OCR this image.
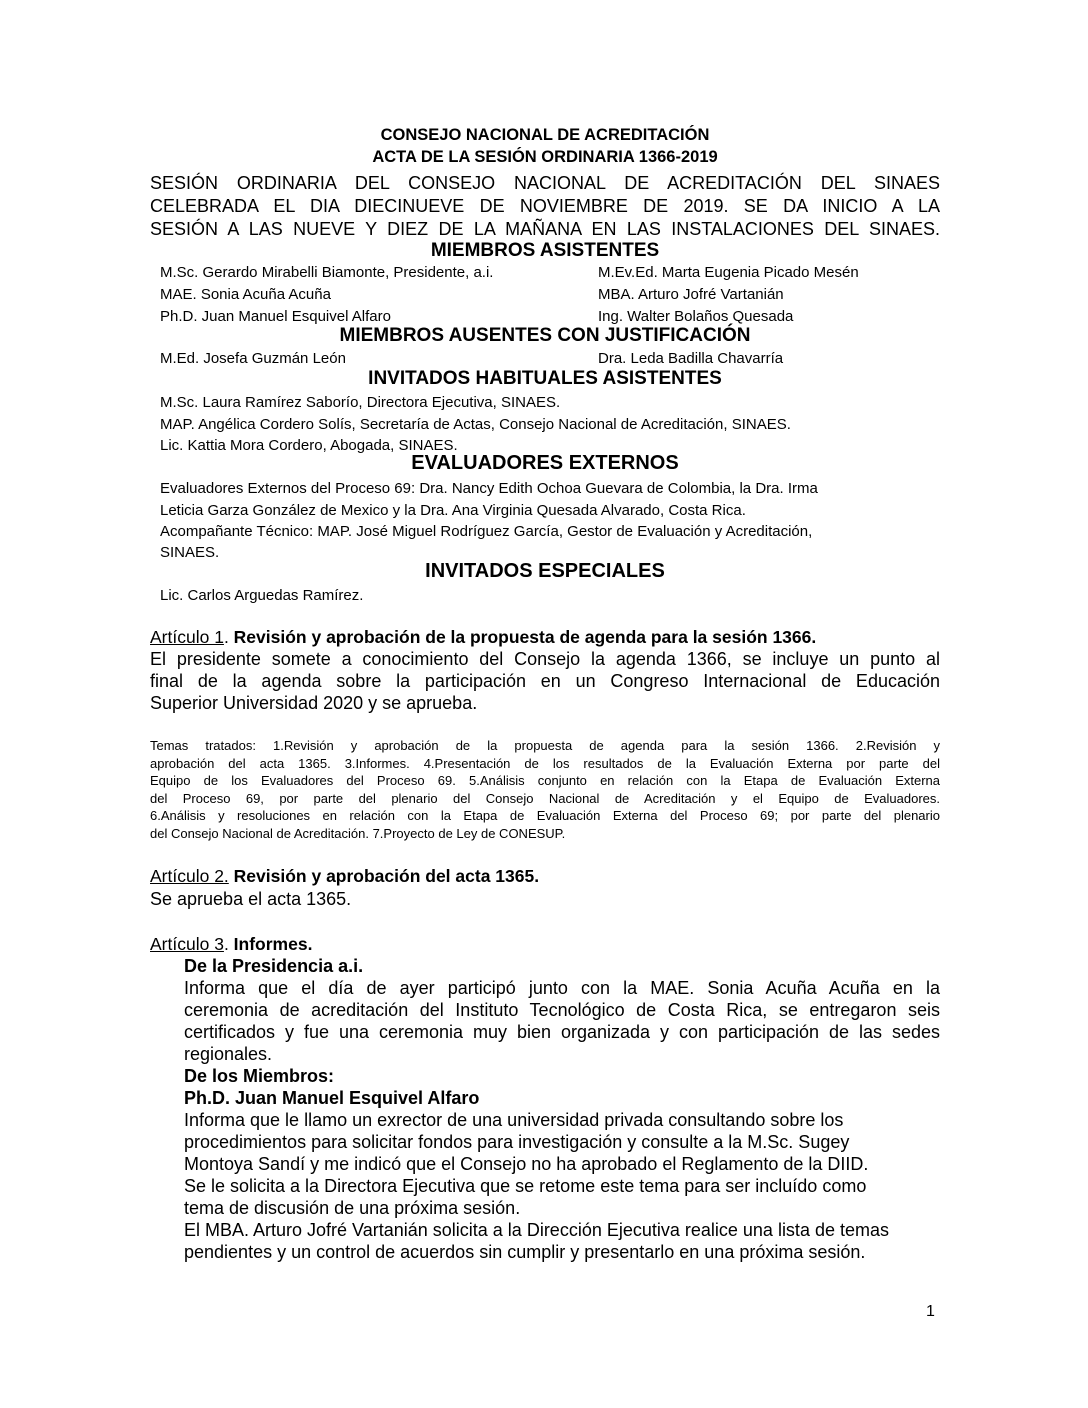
CONSEJO NACIONAL DE ACREDITACIÓN
ACTA DE LA SESIÓN ORDINARIA 1366-2019
SESIÓN ORDINARIA DEL CONSEJO NACIONAL DE ACREDITACIÓN DEL SINAES
CELEBRADA EL DIA DIECINUEVE DE NOVIEMBRE DE 2019. SE DA INICIO A LA
SESIÓN A LAS NUEVE Y DIEZ DE LA MAÑANA EN LAS INSTALACIONES DEL SINAES.
MIEMBROS ASISTENTES
M.Sc. Gerardo Mirabelli Biamonte, Presidente, a.i.	M.Ev.Ed. Marta Eugenia Picado Mesén
MAE. Sonia Acuña Acuña	MBA. Arturo Jofré Vartanián
Ph.D. Juan Manuel Esquivel Alfaro	Ing. Walter Bolaños Quesada
MIEMBROS AUSENTES CON JUSTIFICACIÓN
M.Ed. Josefa Guzmán León	Dra. Leda Badilla Chavarría
INVITADOS HABITUALES ASISTENTES
M.Sc. Laura Ramírez Saborío, Directora Ejecutiva, SINAES.
MAP. Angélica Cordero Solís, Secretaría de Actas, Consejo Nacional de Acreditación, SINAES.
Lic. Kattia Mora Cordero, Abogada, SINAES.
EVALUADORES EXTERNOS
Evaluadores Externos del Proceso 69: Dra. Nancy Edith Ochoa Guevara de Colombia, la Dra. Irma
Leticia Garza González de Mexico y la Dra. Ana Virginia Quesada Alvarado, Costa Rica.
Acompañante Técnico: MAP. José Miguel Rodríguez García, Gestor de Evaluación y Acreditación,
SINAES.
INVITADOS ESPECIALES
Lic. Carlos Arguedas Ramírez.
Artículo 1. Revisión y aprobación de la propuesta de agenda para la sesión 1366.
El presidente somete a conocimiento del Consejo la agenda 1366, se incluye un punto al
final de la agenda sobre la participación en un Congreso Internacional de Educación
Superior Universidad 2020 y se aprueba.
Temas tratados: 1.Revisión y aprobación de la propuesta de agenda para la sesión 1366. 2.Revisión y
aprobación del acta 1365. 3.Informes. 4.Presentación de los resultados de la Evaluación Externa por parte del
Equipo de los Evaluadores del Proceso 69. 5.Análisis conjunto en relación con la Etapa de Evaluación Externa
del Proceso 69, por parte del plenario del Consejo Nacional de Acreditación y el Equipo de Evaluadores.
6.Análisis y resoluciones en relación con la Etapa de Evaluación Externa del Proceso 69; por parte del plenario
del Consejo Nacional de Acreditación. 7.Proyecto de Ley de CONESUP.
Artículo 2. Revisión y aprobación del acta 1365.
Se aprueba el acta 1365.
Artículo 3. Informes.
De la Presidencia a.i.
Informa que el día de ayer participó junto con la MAE. Sonia Acuña Acuña en la
ceremonia de acreditación del Instituto Tecnológico de Costa Rica, se entregaron seis
certificados y fue una ceremonia muy bien organizada y con participación de las sedes
regionales.
De los Miembros:
Ph.D. Juan Manuel Esquivel Alfaro
Informa que le llamo un exrector de una universidad privada consultando sobre los
procedimientos para solicitar fondos para investigación y consulte a la M.Sc. Sugey
Montoya Sandí y me indicó que el Consejo no ha aprobado el Reglamento de la DIID.
Se le solicita a la Directora Ejecutiva que se retome este tema para ser incluído como
tema de discusión de una próxima sesión.
El MBA. Arturo Jofré Vartanián solicita a la Dirección Ejecutiva realice una lista de temas
pendientes y un control de acuerdos sin cumplir y presentarlo en una próxima sesión.
1
